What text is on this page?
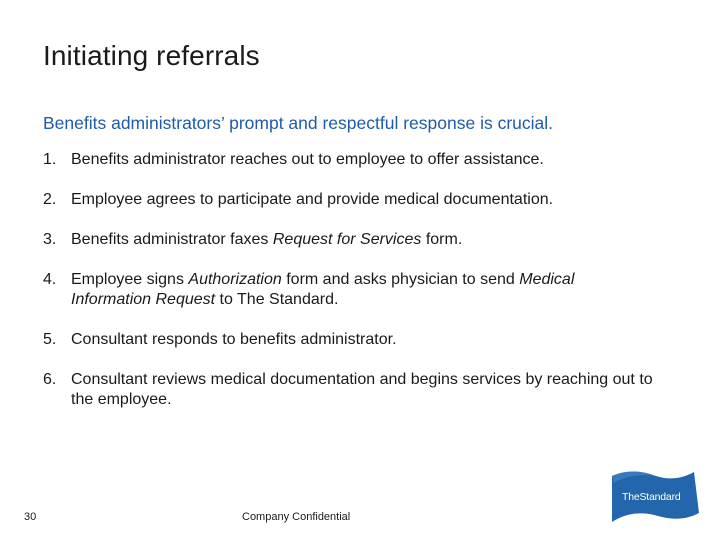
Initiating referrals

Benefits administrators’ prompt and respectful response is crucial.

1. Benefits administrator reaches out to employee to offer assistance.
2. Employee agrees to participate and provide medical documentation.
3. Benefits administrator faxes Request for Services form.
4. Employee signs Authorization form and asks physician to send Medical Information Request to The Standard.
5. Consultant responds to benefits administrator.
6. Consultant reviews medical documentation and begins services by reaching out to the employee.
30	Company Confidential
TheStandard
